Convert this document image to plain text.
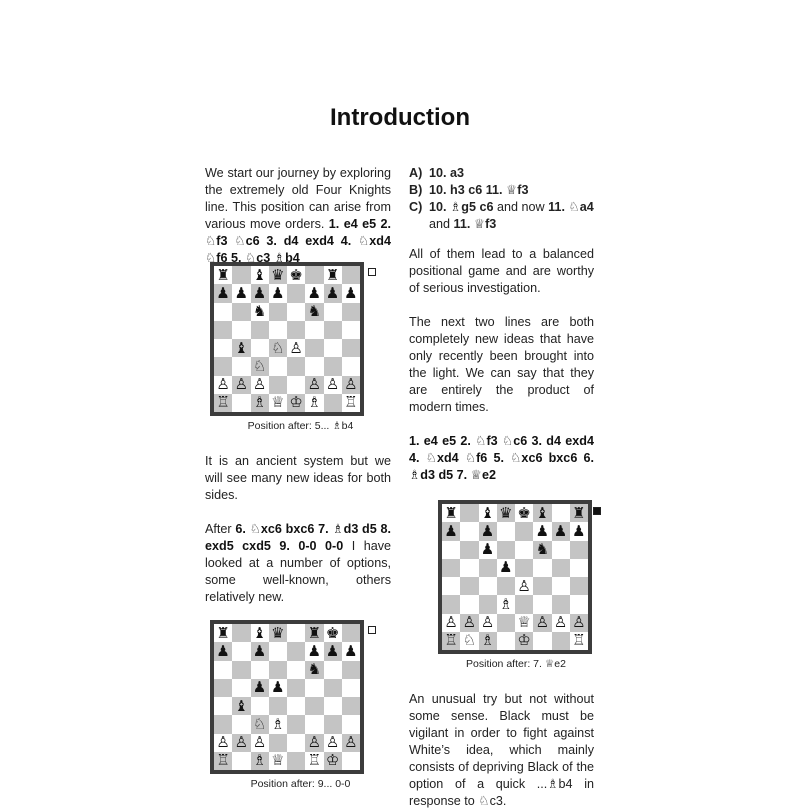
Introduction

We start our journey by exploring the extremely old Four Knights line. This position can arise from various move orders. 1. e4 e5 2. ♘f3 ♘c6 3. d4 exd4 4. ♘xd4 ♘f6 5. ♘c3 ♗b4

♜ ♝ ♛ ♚ ♜
♟ ♟ ♟ ♟ ♟ ♟ ♟
♞	♞
♝ ♘ ♙
♘
♙ ♙ ♙	♙ ♙ ♙
♖ ♗ ♕ ♔ ♗ ♖
Position after: 5... ♗b4

It is an ancient system but we will see many new ideas for both sides.

After 6. ♘xc6 bxc6 7. ♗d3 d5 8. exd5 cxd5 9. 0-0 0-0 I have looked at a number of options, some well-known, others relatively new.

♜ ♝ ♛ ♜ ♚
♟ ♟	♟ ♟ ♟
♞
♟ ♟
♝
♘ ♗
♙ ♙ ♙	♙ ♙ ♙
♖ ♗ ♕ ♖ ♔
Position after: 9... 0-0
A) 10. a3
B) 10. h3 c6 11. ♕f3
C) 10. ♗g5 c6 and now 11. ♘a4
and 11. ♕f3

All of them lead to a balanced positional game and are worthy of serious investigation.

The next two lines are both completely new ideas that have only recently been brought into the light. We can say that they are entirely the product of modern times.

1. e4 e5 2. ♘f3 ♘c6 3. d4 exd4 4. ♘xd4 ♘f6 5. ♘xc6 bxc6 6. ♗d3 d5 7. ♕e2

♜ ♝ ♛ ♚ ♝ ♜
♟ ♟	♟ ♟ ♟
♟	♞
♟
♙
♗
♙ ♙ ♙ ♕ ♙ ♙ ♙
♖ ♘ ♗ ♔	♖
Position after: 7. ♕e2

An unusual try but not without some sense. Black must be vigilant in order to fight against White’s idea, which mainly consists of depriving Black of the option of a quick ...♗b4 in response to ♘c3.
